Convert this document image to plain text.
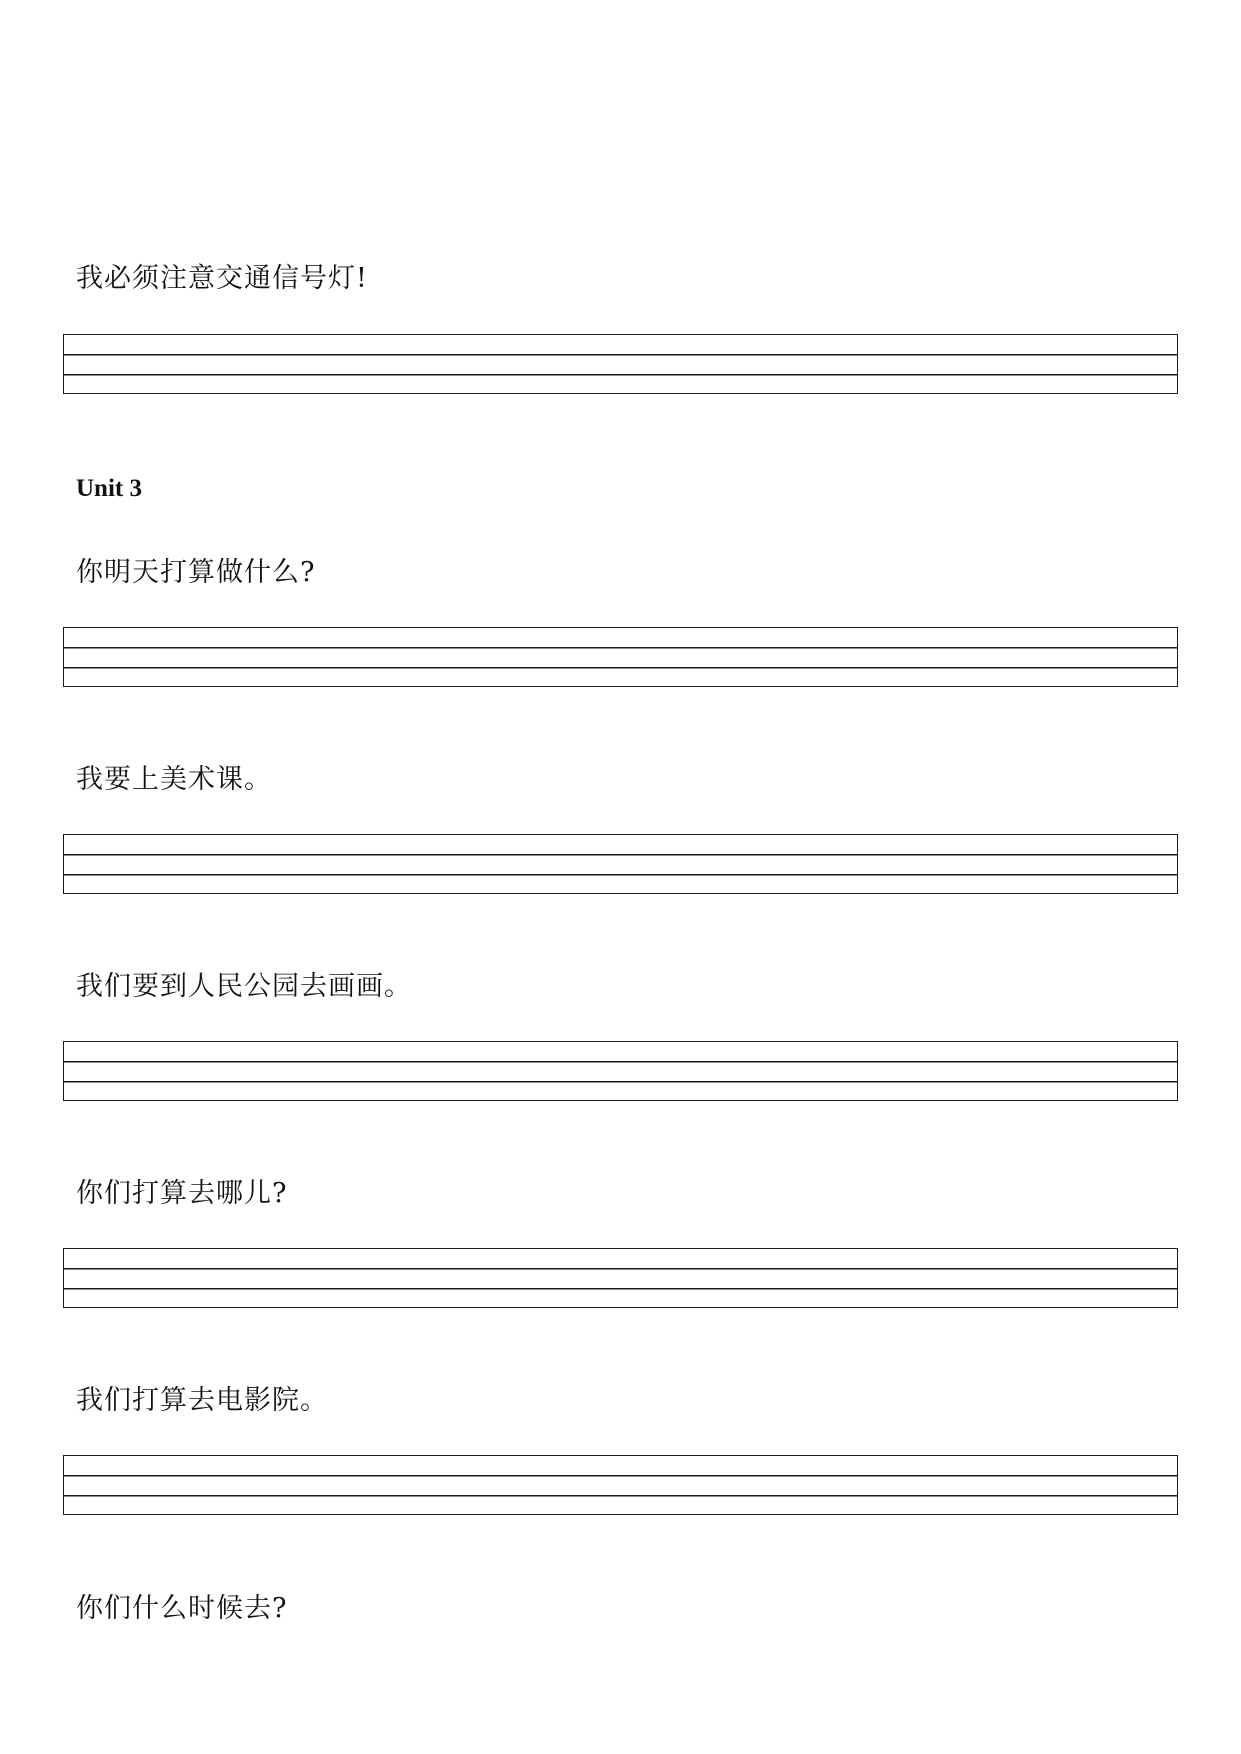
我必须注意交通信号灯!

Unit 3

你明天打算做什么?

我要上美术课。

我们要到人民公园去画画。

你们打算去哪儿?

我们打算去电影院。

你们什么时候去?
